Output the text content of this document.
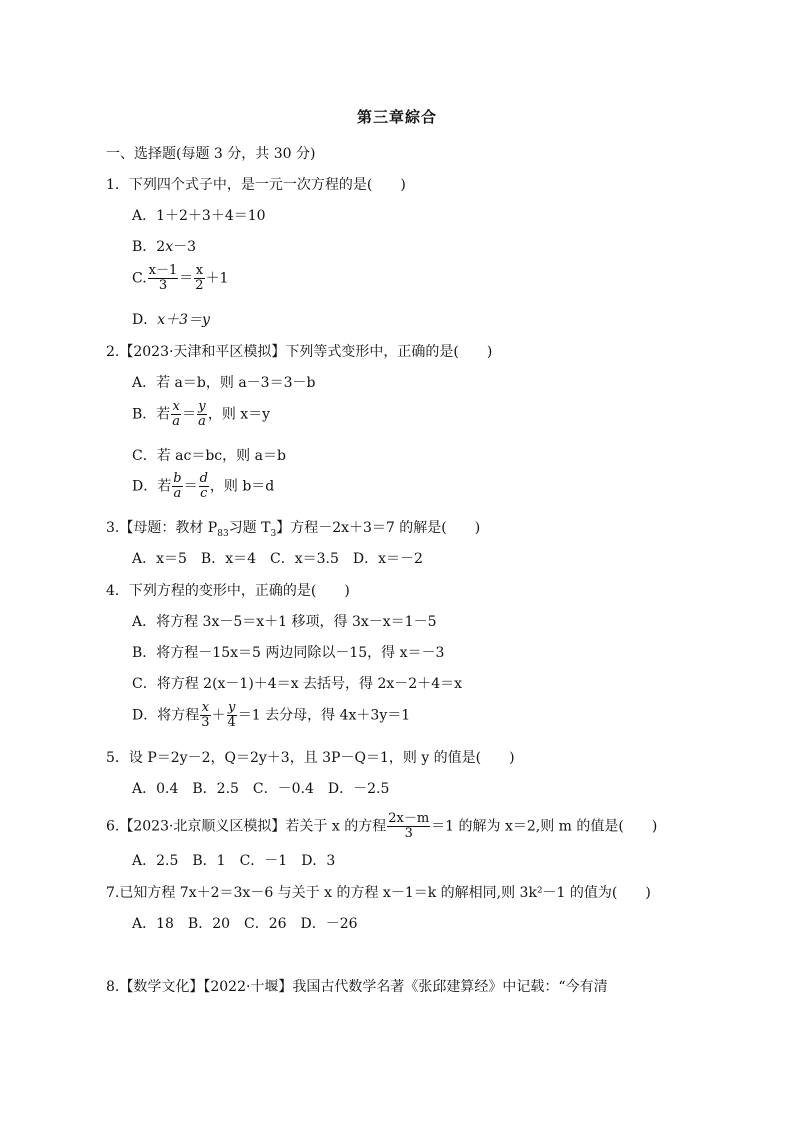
第三章綜合
一、选择题(每题 3 分，共 30 分)
1．下列四个式子中，是一元一次方程的是(　　)
A．1＋2＋3＋4＝10
B．2x－3
C. $\frac{x-1}{3} = \frac{x}{2} +1$
D．x＋3＝y
2.【2023·天津和平区模拟】下列等式变形中，正确的是(　　)
A．若 a＝b，则 a－3＝3－b
B．若 $\frac{x}{a} = \frac{y}{a}$ ，则 x＝y
C．若 ac＝bc，则 a＝b
D．若 $\frac{b}{a} = \frac{d}{c}$ ，则 b＝d
3.【母题：教材 $P_{83}$习题 $T_3$】方程－2x＋3＝7 的解是(　　)
A．x＝5　B．x＝4　C．x＝3.5　D．x＝－2
4．下列方程的变形中，正确的是(　　)
A．将方程 3x－5＝x＋1 移项，得 3x－x＝1－5
B．将方程－15x＝5 两边同除以－15，得 x＝－3
C．将方程 2(x－1)＋4＝x 去括号，得 2x－2＋4＝x
D．将方程 $\frac{x}{3} + \frac{y}{4} =1$ 去分母，得 4x＋3y＝1
5．设 P＝2y－2，Q＝2y＋3，且 3P－Q＝1，则 y 的值是(　　)
A．0.4　B．2.5　C．－0.4　D．－2.5
6.【2023·北京顺义区模拟】若关于 x 的方程 $\frac{2x-m}{3} =1$ 的解为 x＝2,则 m 的值是(　　)
A．2.5　B．1　C．－1　D．3
7.已知方程 7x＋2＝3x－6 与关于 x 的方程 x－1＝k 的解相同,则 3k²－1 的值为(　　)
A．18　B．20　C．26　D．－26
8.【数学文化】【2022·十堰】我国古代数学名著《张邱建算经》中记载：“今有清
